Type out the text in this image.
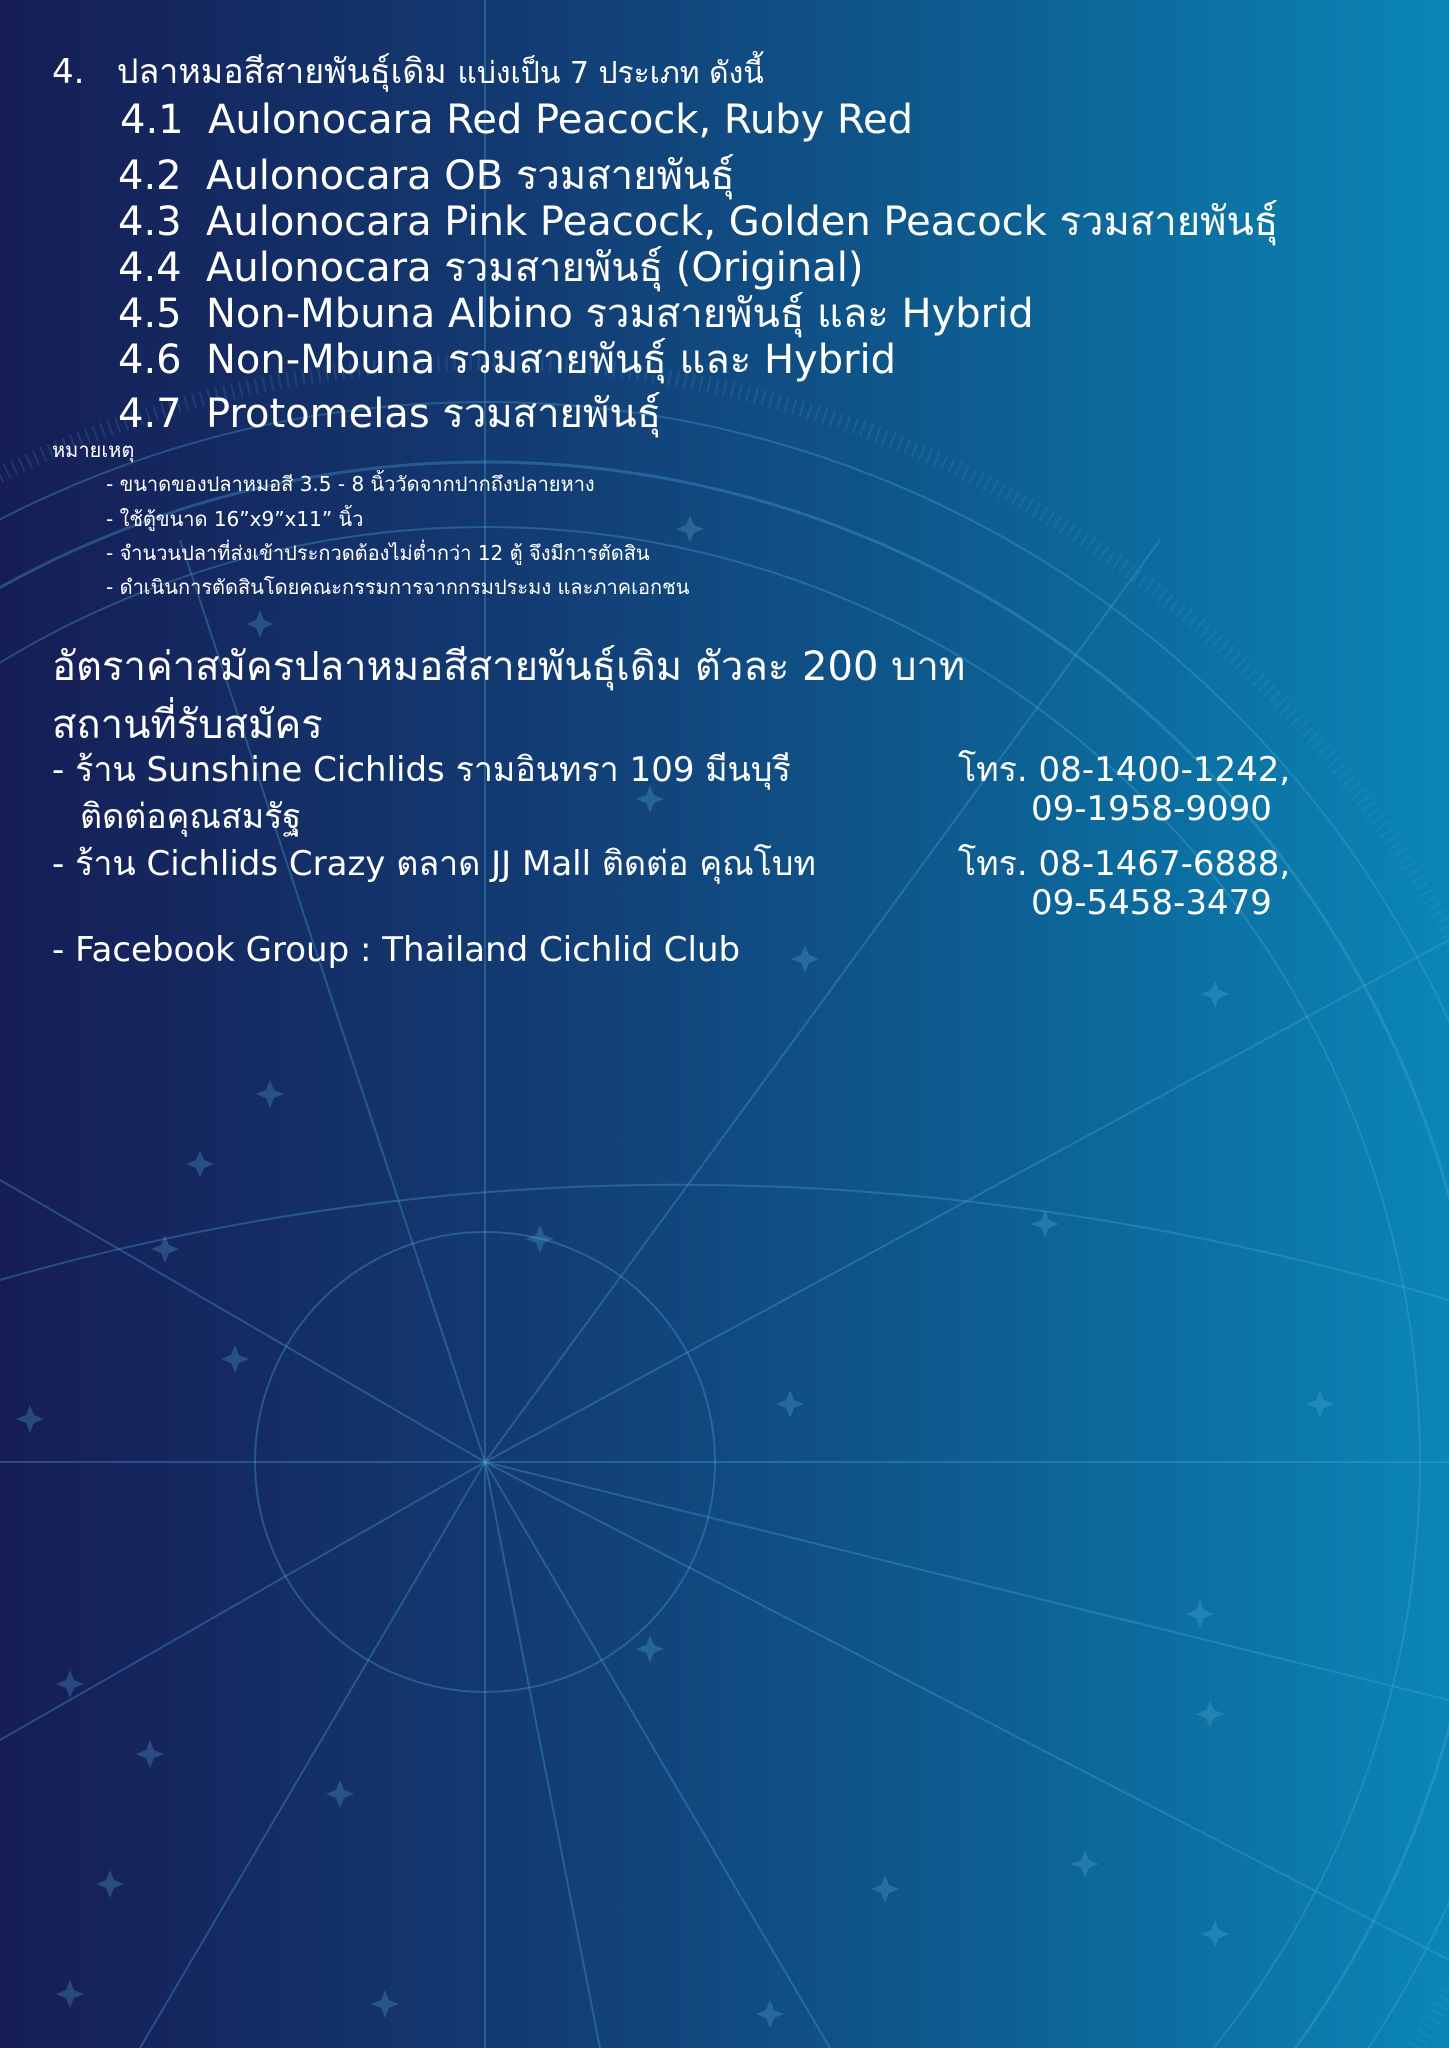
4. ปลาหมอสีสายพันธุ์เดิม แบ่งเป็น 7 ประเภท ดังนี้
4.1 Aulonocara Red Peacock, Ruby Red
4.2 Aulonocara OB รวมสายพันธุ์
4.3 Aulonocara Pink Peacock, Golden Peacock รวมสายพันธุ์
4.4 Aulonocara รวมสายพันธุ์ (Original)
4.5 Non-Mbuna Albino รวมสายพันธุ์ และ Hybrid
4.6 Non-Mbuna รวมสายพันธุ์ และ Hybrid
4.7 Protomelas รวมสายพันธุ์
หมายเหตุ
- ขนาดของปลาหมอสี 3.5 - 8 นิ้ววัดจากปากถึงปลายหาง
- ใช้ตู้ขนาด 16”x9”x11” นิ้ว
- จำนวนปลาที่ส่งเข้าประกวดต้องไม่ต่ำกว่า 12 ตู้ จึงมีการตัดสิน
- ดำเนินการตัดสินโดยคณะกรรมการจากกรมประมง และภาคเอกชน
อัตราค่าสมัครปลาหมอสีสายพันธุ์เดิม ตัวละ 200 บาท
สถานที่รับสมัคร
- ร้าน Sunshine Cichlids รามอินทรา 109 มีนบุรี
ติดต่อคุณสมรัฐ
โทร. 08-1400-1242,
09-1958-9090
- ร้าน Cichlids Crazy ตลาด JJ Mall ติดต่อ คุณโบท	โทร. 08-1467-6888,
09-5458-3479
- Facebook Group : Thailand Cichlid Club
